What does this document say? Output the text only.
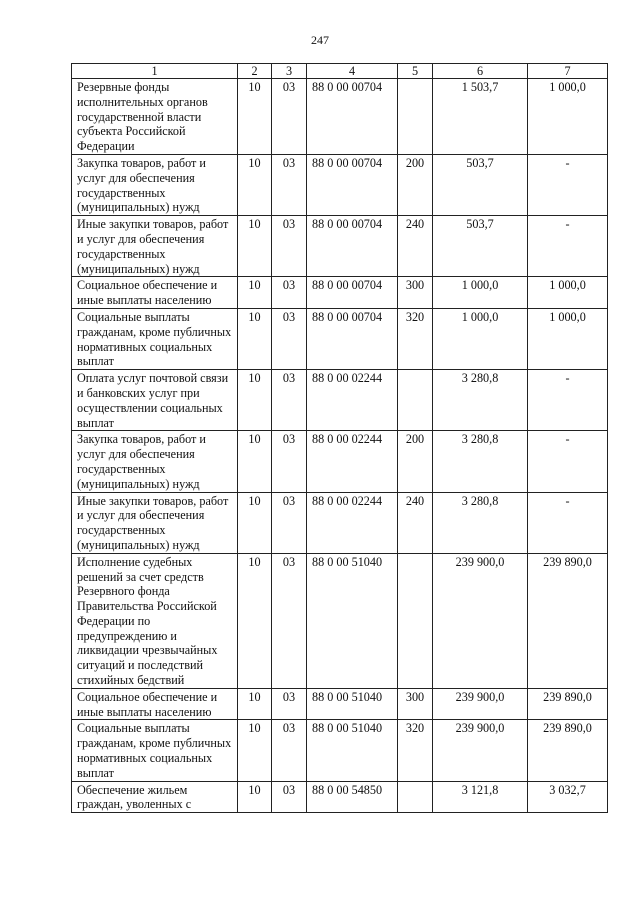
247
1	2	3	4	5	6	7
Резервные фонды исполнительных органов государственной власти субъекта Российской Федерации	10	03	88 0 00 00704		1 503,7	1 000,0
Закупка товаров, работ и услуг для обеспечения государственных (муниципальных) нужд	10	03	88 0 00 00704	200	503,7	-
Иные закупки товаров, работ и услуг для обеспечения государственных (муниципальных) нужд	10	03	88 0 00 00704	240	503,7	-
Социальное обеспечение и иные выплаты населению	10	03	88 0 00 00704	300	1 000,0	1 000,0
Социальные выплаты гражданам, кроме публичных нормативных социальных выплат	10	03	88 0 00 00704	320	1 000,0	1 000,0
Оплата услуг почтовой связи и банковских услуг при осуществлении социальных выплат	10	03	88 0 00 02244		3 280,8	-
Закупка товаров, работ и услуг для обеспечения государственных (муниципальных) нужд	10	03	88 0 00 02244	200	3 280,8	-
Иные закупки товаров, работ и услуг для обеспечения государственных (муниципальных) нужд	10	03	88 0 00 02244	240	3 280,8	-
Исполнение судебных решений за счет средств Резервного фонда Правительства Российской Федерации по предупреждению и ликвидации чрезвычайных ситуаций и последствий стихийных бедствий	10	03	88 0 00 51040		239 900,0	239 890,0
Социальное обеспечение и иные выплаты населению	10	03	88 0 00 51040	300	239 900,0	239 890,0
Социальные выплаты гражданам, кроме публичных нормативных социальных выплат	10	03	88 0 00 51040	320	239 900,0	239 890,0
Обеспечение жильем граждан, уволенных с	10	03	88 0 00 54850		3 121,8	3 032,7
